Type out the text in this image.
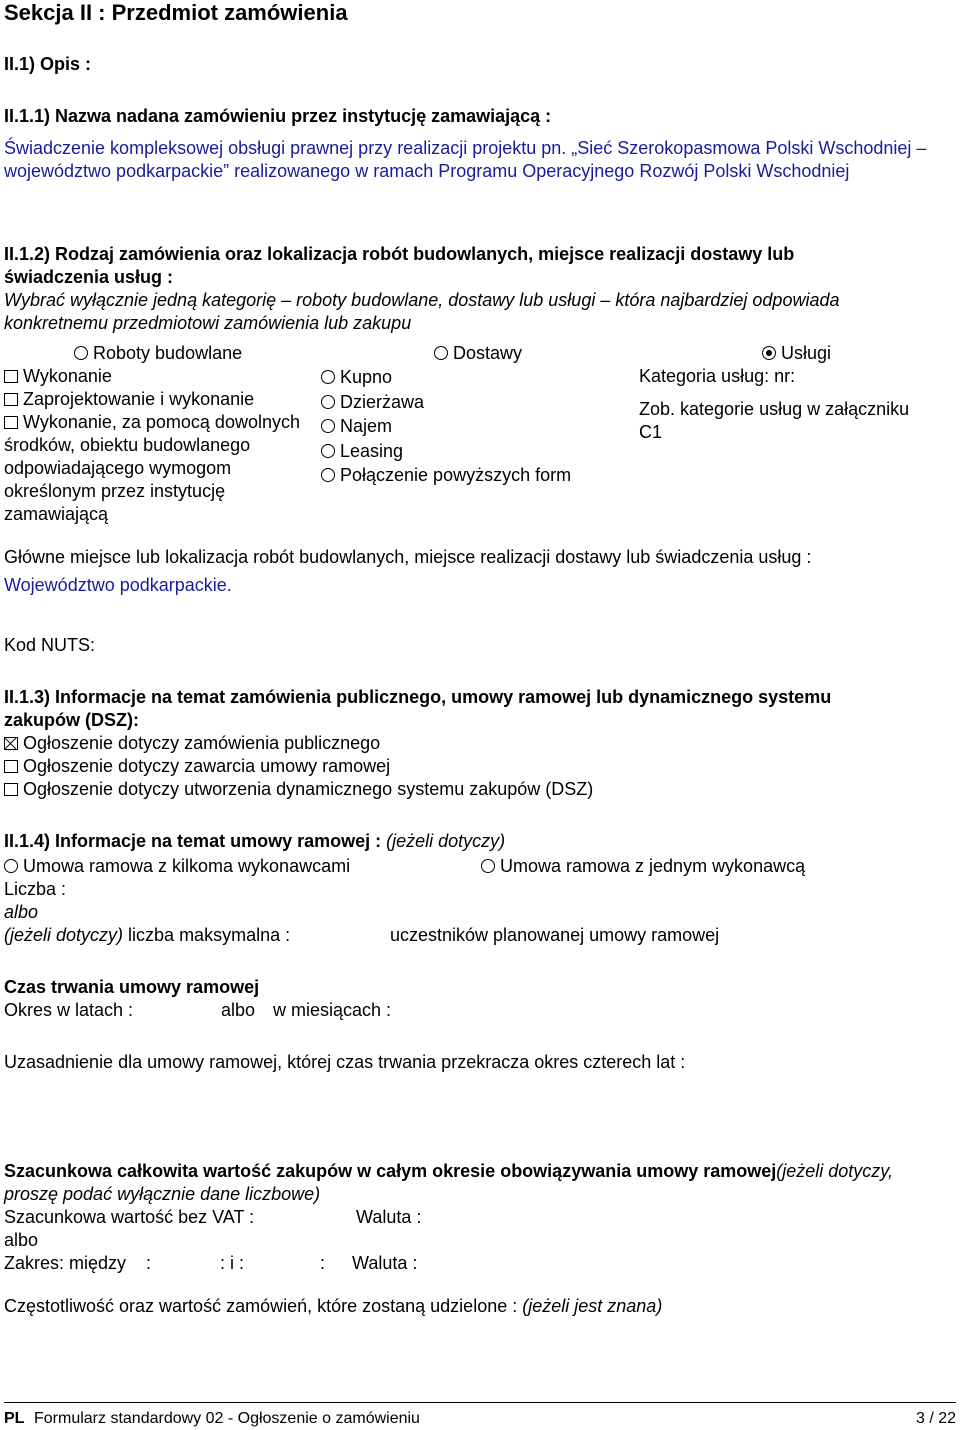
Sekcja II : Przedmiot zamówienia
II.1) Opis :
II.1.1) Nazwa nadana zamówieniu przez instytucję zamawiającą :
Świadczenie kompleksowej obsługi prawnej przy realizacji projektu pn. „Sieć Szerokopasmowa Polski Wschodniej – województwo podkarpackie” realizowanego w ramach Programu Operacyjnego Rozwój Polski Wschodniej
II.1.2) Rodzaj zamówienia oraz lokalizacja robót budowlanych, miejsce realizacji dostawy lub
świadczenia usług :
Wybrać wyłącznie jedną kategorię – roboty budowlane, dostawy lub usługi – która najbardziej odpowiada
konkretnemu przedmiotowi zamówienia lub zakupu
Roboty budowlane	Dostawy	Usługi
Wykonanie
Zaprojektowanie i wykonanie
Wykonanie, za pomocą dowolnych
środków, obiektu budowlanego
odpowiadającego wymogom
określonym przez instytucję
zamawiającą
Kupno
Dzierżawa
Najem
Leasing
Połączenie powyższych form
Kategoria usług: nr:
Zob. kategorie usług w załączniku
C1
Główne miejsce lub lokalizacja robót budowlanych, miejsce realizacji dostawy lub świadczenia usług :
Województwo podkarpackie.
Kod NUTS:
II.1.3) Informacje na temat zamówienia publicznego, umowy ramowej lub dynamicznego systemu
zakupów (DSZ):
Ogłoszenie dotyczy zamówienia publicznego
Ogłoszenie dotyczy zawarcia umowy ramowej
Ogłoszenie dotyczy utworzenia dynamicznego systemu zakupów (DSZ)
II.1.4) Informacje na temat umowy ramowej : (jeżeli dotyczy)
Umowa ramowa z kilkoma wykonawcami	Umowa ramowa z jednym wykonawcą
Liczba :
albo
(jeżeli dotyczy) liczba maksymalna :	uczestników planowanej umowy ramowej
Czas trwania umowy ramowej
Okres w latach :	albo w miesiącach :
Uzasadnienie dla umowy ramowej, której czas trwania przekracza okres czterech lat :
Szacunkowa całkowita wartość zakupów w całym okresie obowiązywania umowy ramowej(jeżeli dotyczy,
proszę podać wyłącznie dane liczbowe)
Szacunkowa wartość bez VAT :	Waluta :
albo
Zakres: między :	: i :	: Waluta :
Częstotliwość oraz wartość zamówień, które zostaną udzielone : (jeżeli jest znana)
PL Formularz standardowy 02 - Ogłoszenie o zamówieniu	3 / 22
